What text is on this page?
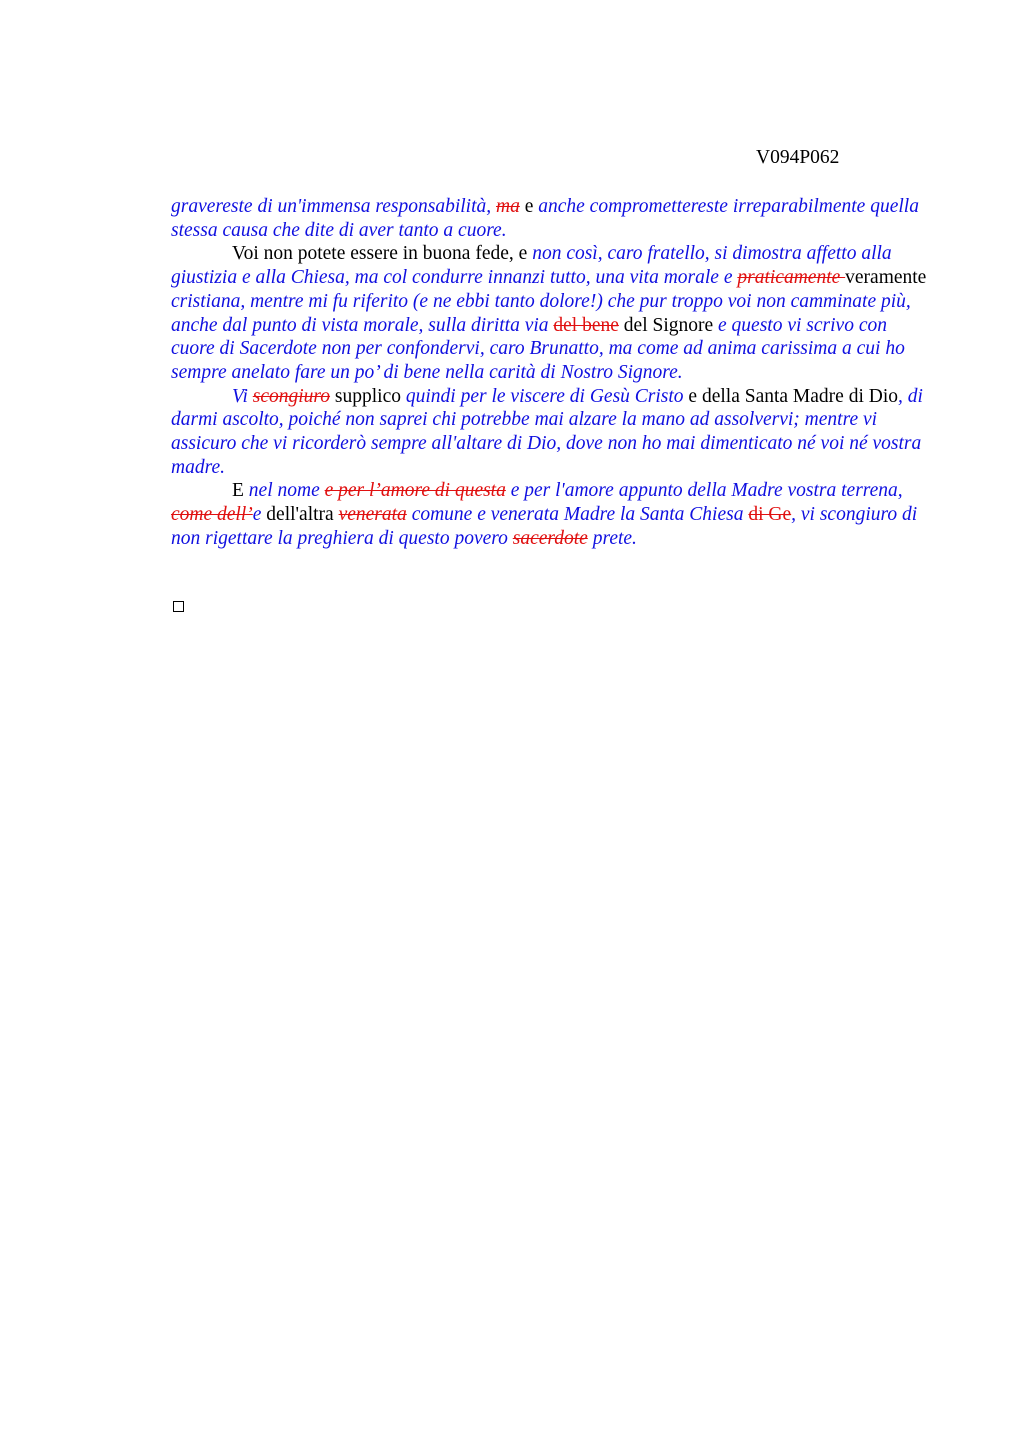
V094P062

gravereste di un'immensa responsabilità, ma e anche compromettereste irreparabilmente quella stessa causa che dite di aver tanto a cuore.

Voi non potete essere in buona fede, e non così, caro fratello, si dimostra affetto alla giustizia e alla Chiesa, ma col condurre innanzi tutto, una vita morale e praticamente veramente cristiana, mentre mi fu riferito (e ne ebbi tanto dolore!) che pur troppo voi non camminate più, anche dal punto di vista morale, sulla diritta via del bene del Signore e questo vi scrivo con cuore di Sacerdote non per confondervi, caro Brunatto, ma come ad anima carissima a cui ho sempre anelato fare un po’ di bene nella carità di Nostro Signore.

Vi scongiuro supplico quindi per le viscere di Gesù Cristo e della Santa Madre di Dio, di darmi ascolto, poiché non saprei chi potrebbe mai alzare la mano ad assolvervi; mentre vi assicuro che vi ricorderò sempre all'altare di Dio, dove non ho mai dimenticato né voi né vostra madre.

E nel nome e per l’amore di questa e per l'amore appunto della Madre vostra terrena, come dell’e dell'altra venerata comune e venerata Madre la Santa Chiesa di Ge, vi scongiuro di non rigettare la preghiera di questo povero sacerdote prete.
